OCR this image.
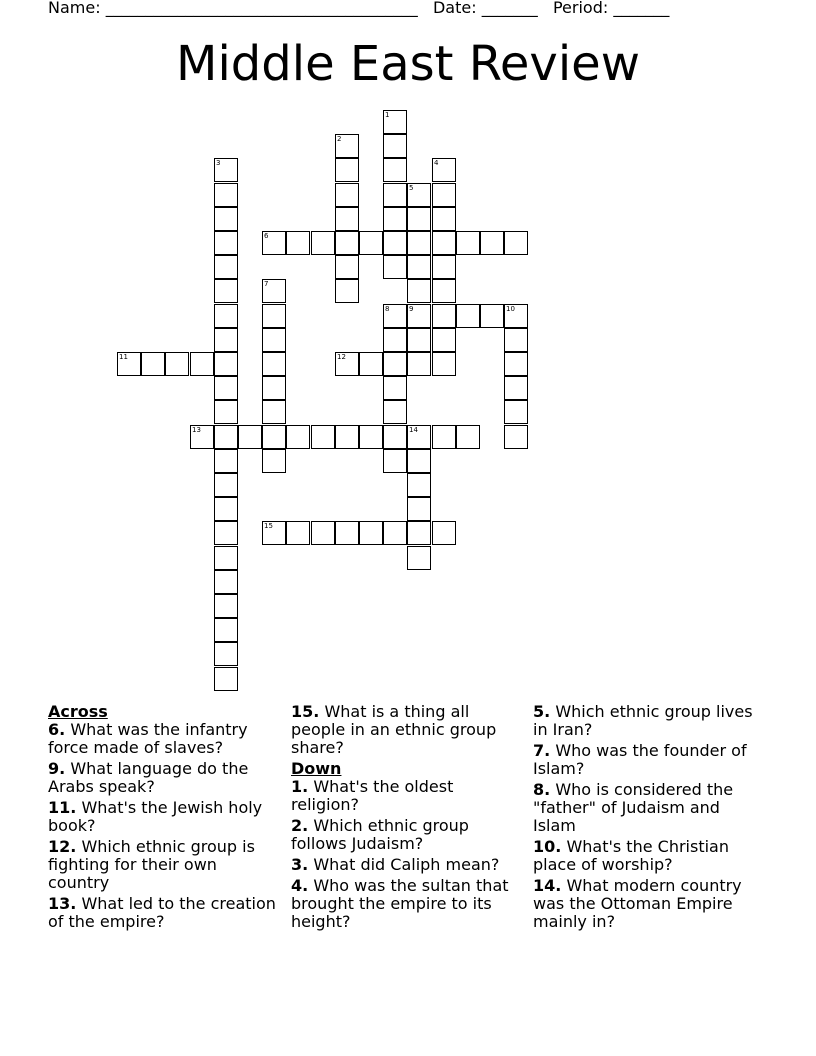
Name: _______________________________________ Date: _______ Period: _______
Middle East Review
1
2
3	4
5
9
6
7
8	10
11	12
13	14
15
Across
6. What was the infantry force made of slaves?
9. What language do the Arabs speak?
11. What's the Jewish holy book?
12. Which ethnic group is fighting for their own country
13. What led to the creation of the empire?
15. What is a thing all people in an ethnic group share?
Down
1. What's the oldest religion?
2. Which ethnic group follows Judaism?
3. What did Caliph mean?
4. Who was the sultan that brought the empire to its height?
5. Which ethnic group lives in Iran?
7. Who was the founder of Islam?
8. Who is considered the "father" of Judaism and Islam
10. What's the Christian place of worship?
14. What modern country was the Ottoman Empire mainly in?
